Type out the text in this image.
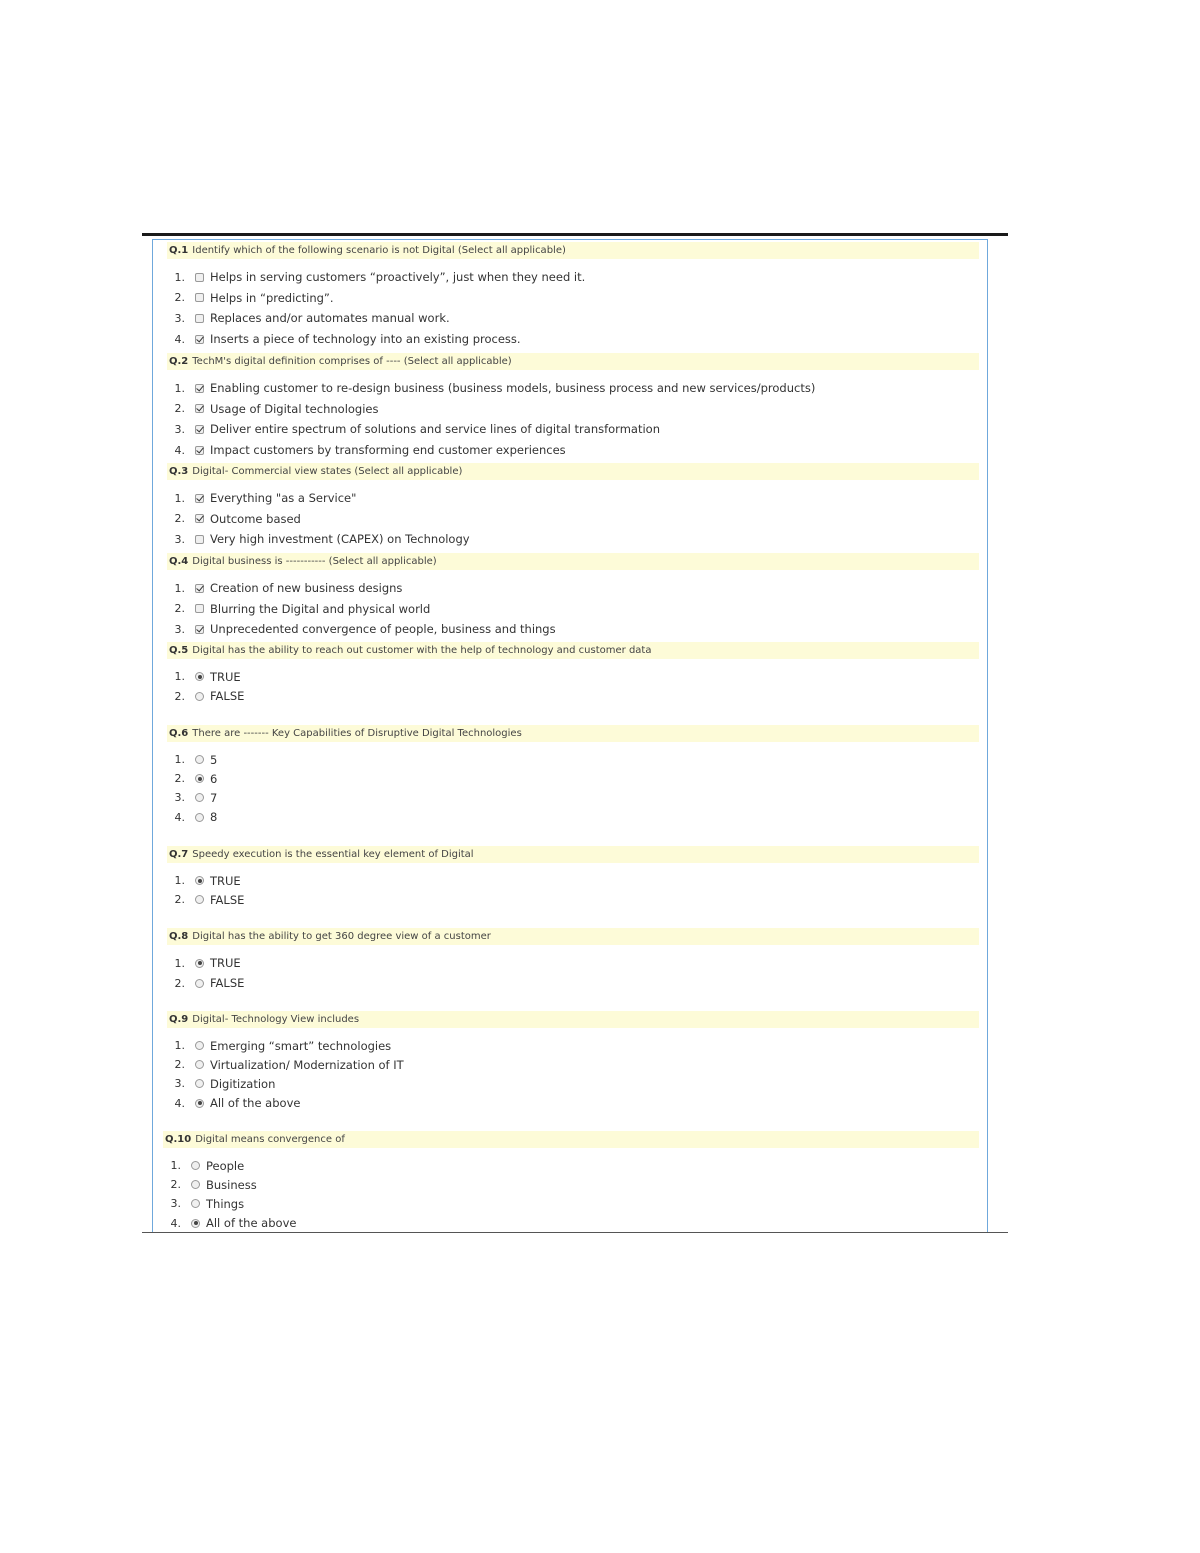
Q.1 Identify which of the following scenario is not Digital (Select all applicable)
1. Helps in serving customers “proactively”, just when they need it.
2. Helps in “predicting”.
3. Replaces and/or automates manual work.
4. Inserts a piece of technology into an existing process.
Q.2 TechM's digital definition comprises of ---- (Select all applicable)
1. Enabling customer to re-design business (business models, business process and new services/products)
2. Usage of Digital technologies
3. Deliver entire spectrum of solutions and service lines of digital transformation
4. Impact customers by transforming end customer experiences
Q.3 Digital- Commercial view states (Select all applicable)
1. Everything "as a Service"
2. Outcome based
3. Very high investment (CAPEX) on Technology
Q.4 Digital business is ----------- (Select all applicable)
1. Creation of new business designs
2. Blurring the Digital and physical world
3. Unprecedented convergence of people, business and things
Q.5 Digital has the ability to reach out customer with the help of technology and customer data
1. TRUE
2. FALSE
Q.6 There are ------- Key Capabilities of Disruptive Digital Technologies
1. 5
2. 6
3. 7
4. 8
Q.7 Speedy execution is the essential key element of Digital
1. TRUE
2. FALSE
Q.8 Digital has the ability to get 360 degree view of a customer
1. TRUE
2. FALSE
Q.9 Digital- Technology View includes
1. Emerging “smart” technologies
2. Virtualization/ Modernization of IT
3. Digitization
4. All of the above
Q.10 Digital means convergence of
1. People
2. Business
3. Things
4. All of the above
